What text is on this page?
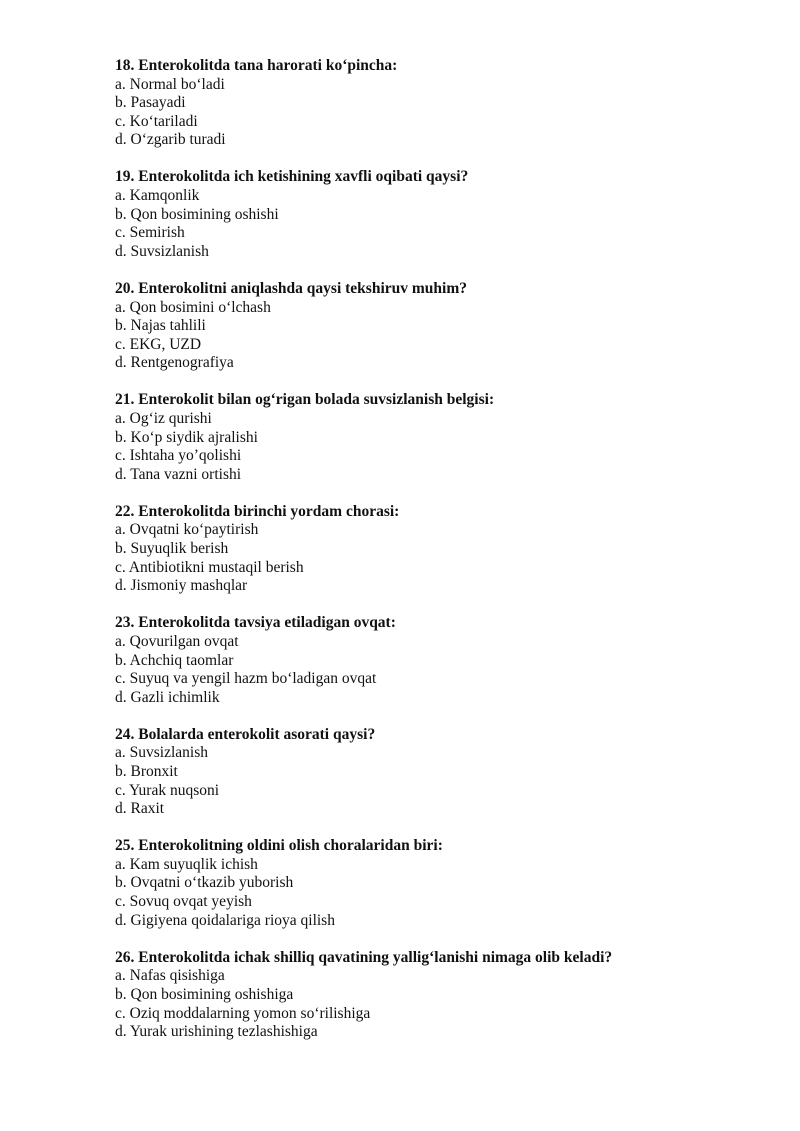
18. Enterokolitda tana harorati koʻpincha:

a. Normal boʻladi

b. Pasayadi

c. Koʻtariladi

d. Oʻzgarib turadi

19. Enterokolitda ich ketishining xavfli oqibati qaysi?

a. Kamqonlik

b. Qon bosimining oshishi

c. Semirish

d. Suvsizlanish

20. Enterokolitni aniqlashda qaysi tekshiruv muhim?

a. Qon bosimini oʻlchash

b. Najas tahlili

c. EKG, UZD

d. Rentgenografiya

21. Enterokolit bilan ogʻrigan bolada suvsizlanish belgisi:

a. Ogʻiz qurishi

b. Koʻp siydik ajralishi

c. Ishtaha yoʼqolishi

d. Tana vazni ortishi

22. Enterokolitda birinchi yordam chorasi:

a. Ovqatni koʻpaytirish

b. Suyuqlik berish

c. Antibiotikni mustaqil berish

d. Jismoniy mashqlar

23. Enterokolitda tavsiya etiladigan ovqat:

a. Qovurilgan ovqat

b. Achchiq taomlar

c. Suyuq va yengil hazm boʻladigan ovqat

d. Gazli ichimlik

24. Bolalarda enterokolit asorati qaysi?

a. Suvsizlanish

b. Bronxit

c. Yurak nuqsoni

d. Raxit

25. Enterokolitning oldini olish choralaridan biri:

a. Kam suyuqlik ichish

b. Ovqatni oʻtkazib yuborish

c. Sovuq ovqat yeyish

d. Gigiyena qoidalariga rioya qilish

26. Enterokolitda ichak shilliq qavatining yalligʻlanishi nimaga olib keladi?

a. Nafas qisishiga

b. Qon bosimining oshishiga

c. Oziq moddalarning yomon soʻrilishiga

d. Yurak urishining tezlashishiga
